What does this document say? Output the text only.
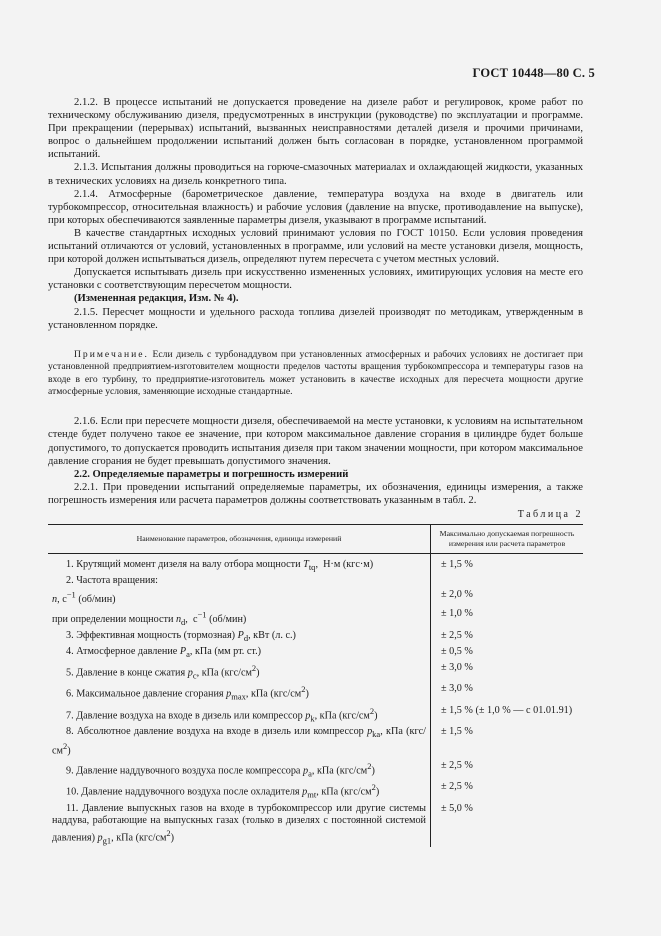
ГОСТ 10448—80 С. 5

2.1.2. В процессе испытаний не допускается проведение на дизеле работ и регулировок, кроме работ по техническому обслуживанию дизеля, предусмотренных в инструкции (руководстве) по эксплуатации и программе. При прекращении (перерывах) испытаний, вызванных неисправностями деталей дизеля и прочими причинами, вопрос о дальнейшем продолжении испытаний должен быть согласован в порядке, установленном программой испытаний.

2.1.3. Испытания должны проводиться на горюче-смазочных материалах и охлаждающей жидкости, указанных в технических условиях на дизель конкретного типа.

2.1.4. Атмосферные (барометрическое давление, температура воздуха на входе в двигатель или турбокомпрессор, относительная влажность) и рабочие условия (давление на впуске, противодавление на выпуске), при которых обеспечиваются заявленные параметры дизеля, указывают в программе испытаний.

В качестве стандартных исходных условий принимают условия по ГОСТ 10150. Если условия проведения испытаний отличаются от условий, установленных в программе, или условий на месте установки дизеля, мощность, при которой должен испытываться дизель, определяют путем пересчета с учетом местных условий.

Допускается испытывать дизель при искусственно измененных условиях, имитирующих условия на месте его установки с соответствующим пересчетом мощности.

(Измененная редакция, Изм. № 4).

2.1.5. Пересчет мощности и удельного расхода топлива дизелей производят по методикам, утвержденным в установленном порядке.

Примечание. Если дизель с турбонаддувом при установленных атмосферных и рабочих условиях не достигает при установленной предприятием-изготовителем мощности пределов частоты вращения турбокомпрессора и температуры газов на входе в его турбину, то предприятие-изготовитель может установить в качестве исходных для пересчета мощности другие атмосферные условия, заменяющие исходные стандартные.

2.1.6. Если при пересчете мощности дизеля, обеспечиваемой на месте установки, к условиям на испытательном стенде будет получено такое ее значение, при котором максимальное давление сгорания в цилиндре будет больше допустимого, то допускается проводить испытания дизеля при таком значении мощности, при котором максимальное давление сгорания не будет превышать допустимого значения.

2.2. Определяемые параметры и погрешность измерений

2.2.1. При проведении испытаний определяемые параметры, их обозначения, единицы измерения, а также погрешность измерения или расчета параметров должны соответствовать указанным в табл. 2.

Таблица 2
Наименование параметров, обозначения, единицы измерений	Максимально допускаемая погрешность измерения или расчета параметров

1. Крутящий момент дизеля на валу отбора мощности $T_{tq}$,  Н·м (кгс·м)	± 1,5 %

2. Частота вращения:	

n, $с^{-1}$ (об/мин)	± 2,0 %
при определении мощности $n_d$,  $с^{-1}$ (об/мин)	± 1,0 %

3. Эффективная мощность (тормозная) $P_d$, кВт (л. с.)	± 2,5 %

4. Атмосферное давление $P_a$, кПа (мм рт. ст.)	± 0,5 %

5. Давление в конце сжатия $p_c$, кПа $(кгс/см^2)$	± 3,0 %

6. Максимальное давление сгорания $p_{max}$, кПа $(кгс/см^2)$	± 3,0 %

7. Давление воздуха на входе в дизель или компрессор $p_k$, кПа $(кгс/см^2)$	± 1,5 % (± 1,0 % — с 01.01.91)

8. Абсолютное давление воздуха на входе в дизель или компрессор $p_{ka}$, кПа $(кгс/см^2)$	± 1,5 %

9. Давление наддувочного воздуха после компрессора $p_a$, кПа $(кгс/см^2)$	± 2,5 %

10. Давление наддувочного воздуха после охладителя $p_{mt}$, кПа $(кгс/см^2)$	± 2,5 %

11. Давление выпускных газов на входе в турбокомпрессор или другие системы наддува, работающие на выпускных газах (только в дизелях с постоянной системой давления) $p_{g1}$, кПа $(кгс/см^2)$	± 5,0 %
